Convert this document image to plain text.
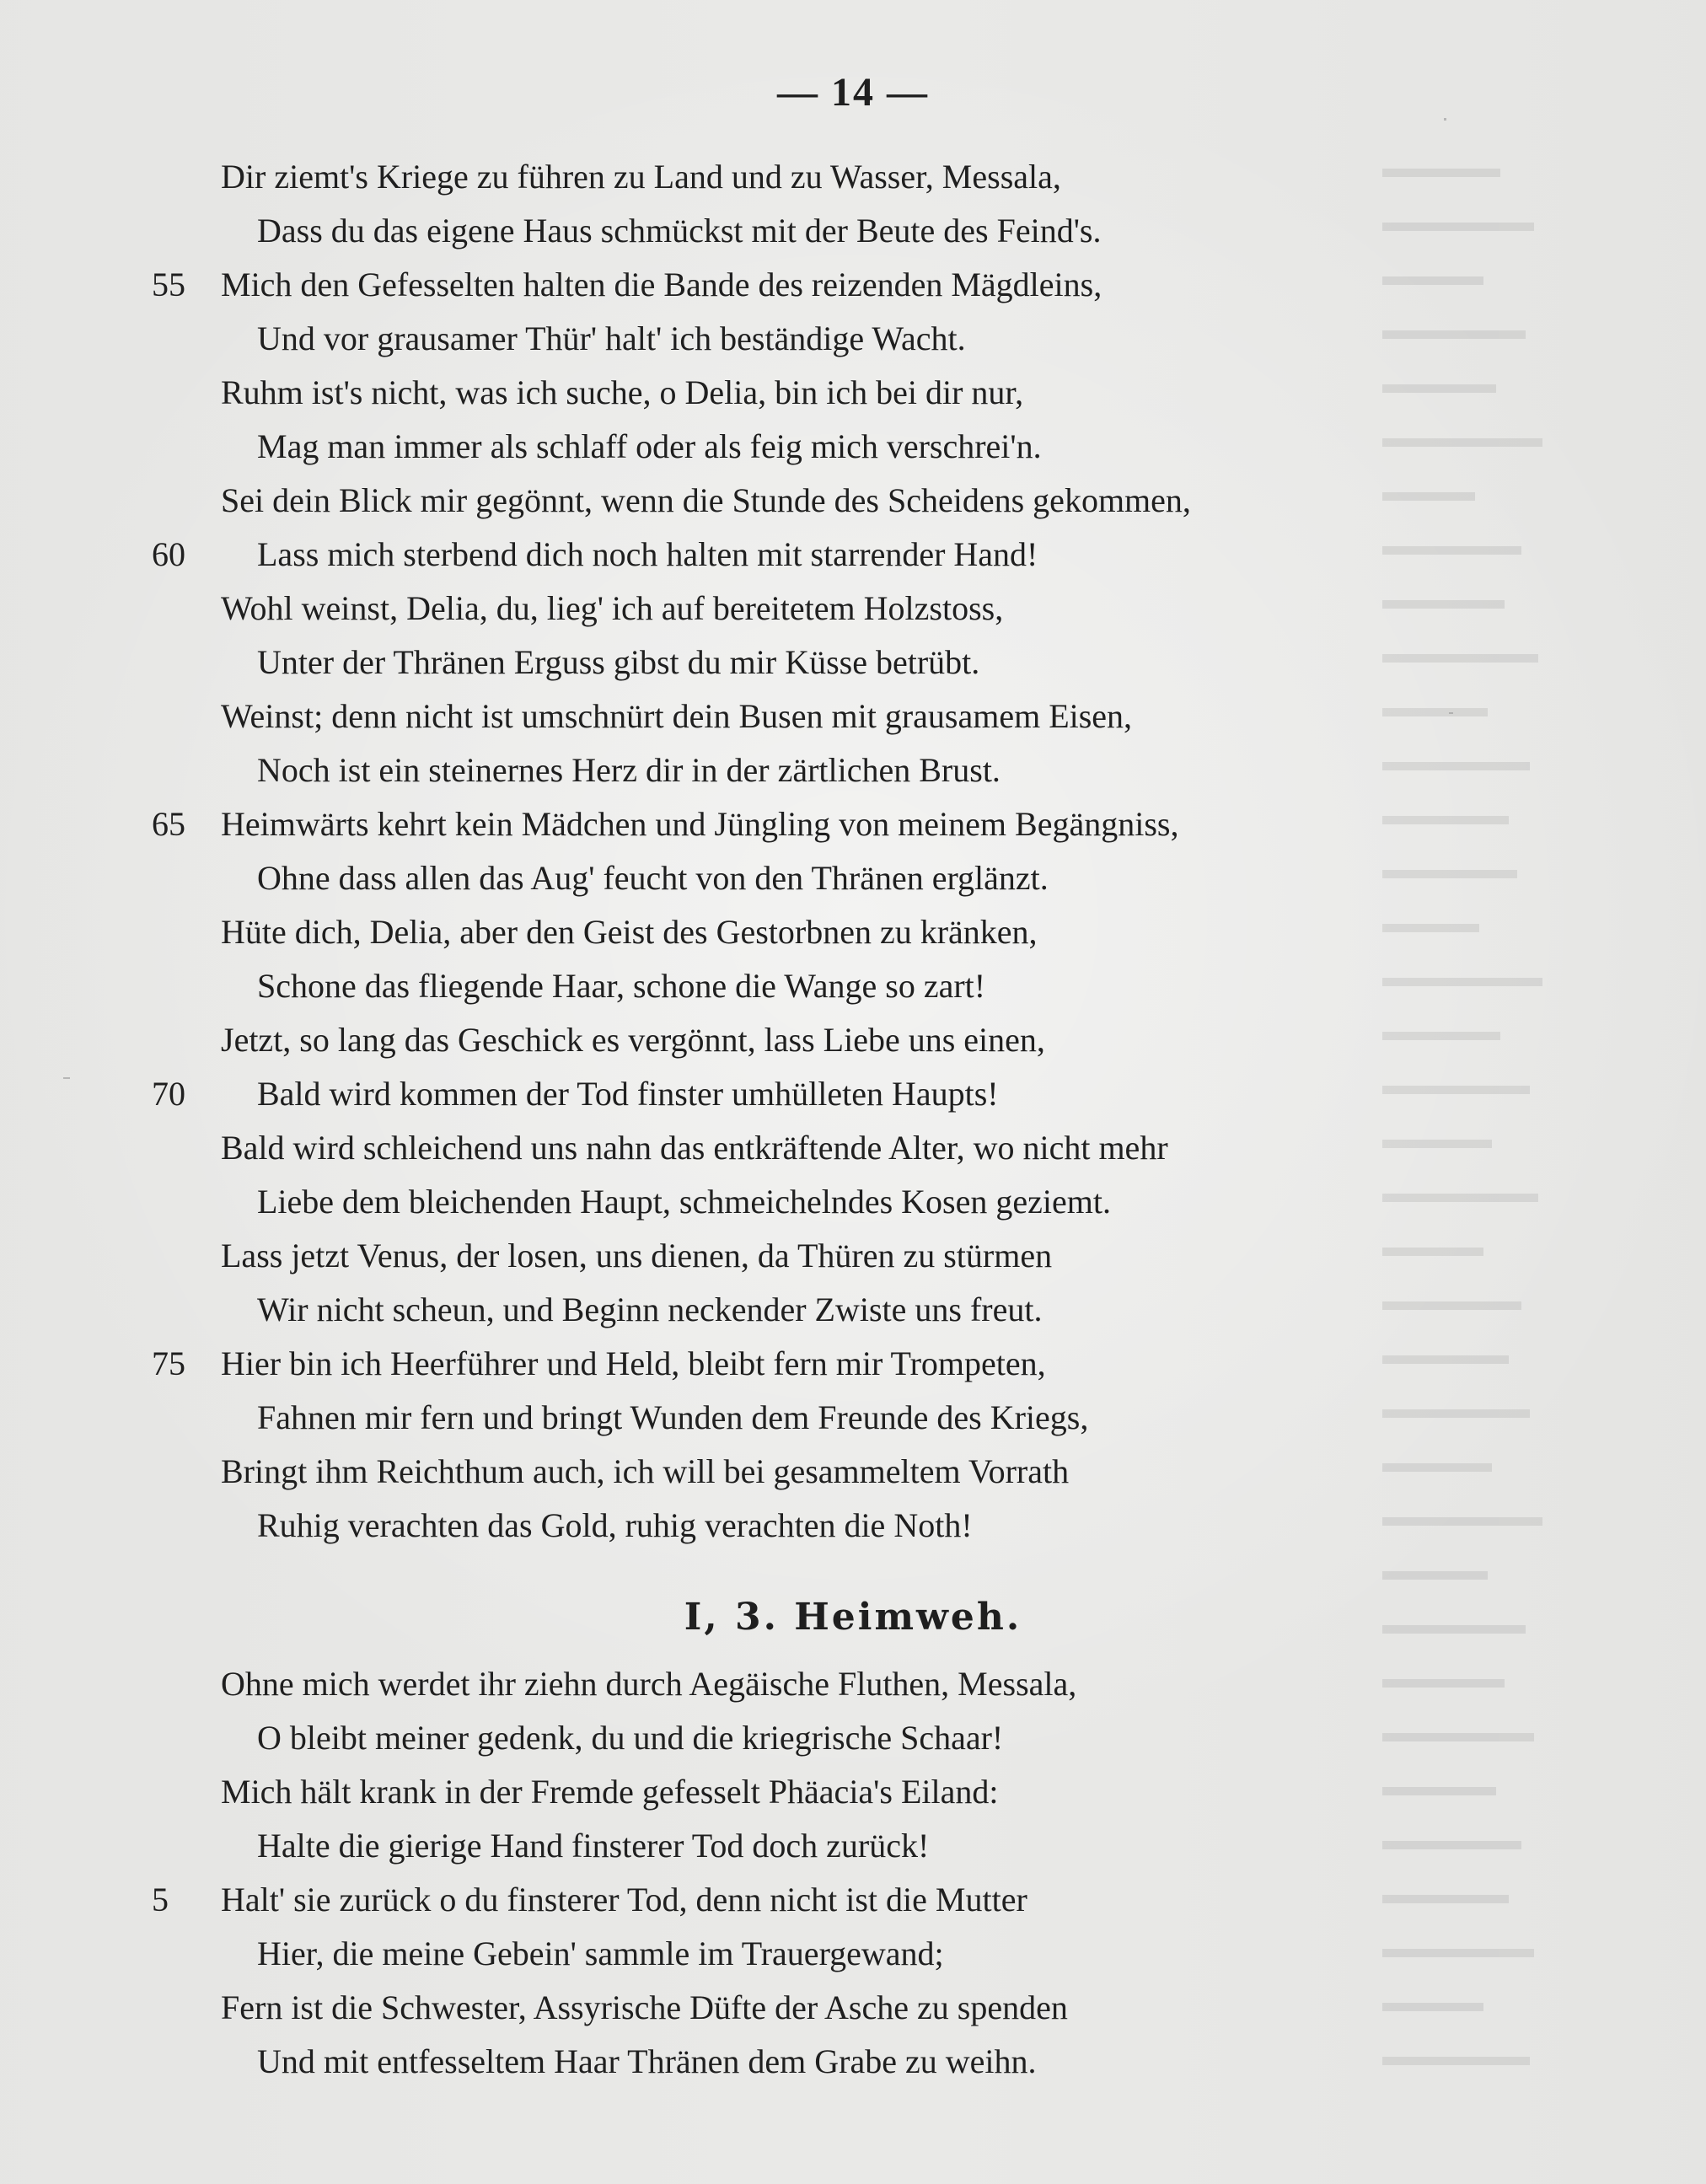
— 14 —
Dir ziemt's Kriege zu führen zu Land und zu Wasser, Messala,
Dass du das eigene Haus schmückst mit der Beute des Feind's.
55	Mich den Gefesselten halten die Bande des reizenden Mägdleins,
Und vor grausamer Thür' halt' ich beständige Wacht.
Ruhm ist's nicht, was ich suche, o Delia, bin ich bei dir nur,
Mag man immer als schlaff oder als feig mich verschrei'n.
Sei dein Blick mir gegönnt, wenn die Stunde des Scheidens gekommen,
60	Lass mich sterbend dich noch halten mit starrender Hand!
Wohl weinst, Delia, du, lieg' ich auf bereitetem Holzstoss,
Unter der Thränen Erguss gibst du mir Küsse betrübt.
Weinst; denn nicht ist umschnürt dein Busen mit grausamem Eisen,
Noch ist ein steinernes Herz dir in der zärtlichen Brust.
65	Heimwärts kehrt kein Mädchen und Jüngling von meinem Begängniss,
Ohne dass allen das Aug' feucht von den Thränen erglänzt.
Hüte dich, Delia, aber den Geist des Gestorbnen zu kränken,
Schone das fliegende Haar, schone die Wange so zart!
Jetzt, so lang das Geschick es vergönnt, lass Liebe uns einen,
70	Bald wird kommen der Tod finster umhülleten Haupts!
Bald wird schleichend uns nahn das entkräftende Alter, wo nicht mehr
Liebe dem bleichenden Haupt, schmeichelndes Kosen geziemt.
Lass jetzt Venus, der losen, uns dienen, da Thüren zu stürmen
Wir nicht scheun, und Beginn neckender Zwiste uns freut.
75	Hier bin ich Heerführer und Held, bleibt fern mir Trompeten,
Fahnen mir fern und bringt Wunden dem Freunde des Kriegs,
Bringt ihm Reichthum auch, ich will bei gesammeltem Vorrath
Ruhig verachten das Gold, ruhig verachten die Noth!
I, 3. Heimweh.
Ohne mich werdet ihr ziehn durch Aegäische Fluthen, Messala,
O bleibt meiner gedenk, du und die kriegrische Schaar!
Mich hält krank in der Fremde gefesselt Phäacia's Eiland:
Halte die gierige Hand finsterer Tod doch zurück!
5	Halt' sie zurück o du finsterer Tod, denn nicht ist die Mutter
Hier, die meine Gebein' sammle im Trauergewand;
Fern ist die Schwester, Assyrische Düfte der Asche zu spenden
Und mit entfesseltem Haar Thränen dem Grabe zu weihn.
